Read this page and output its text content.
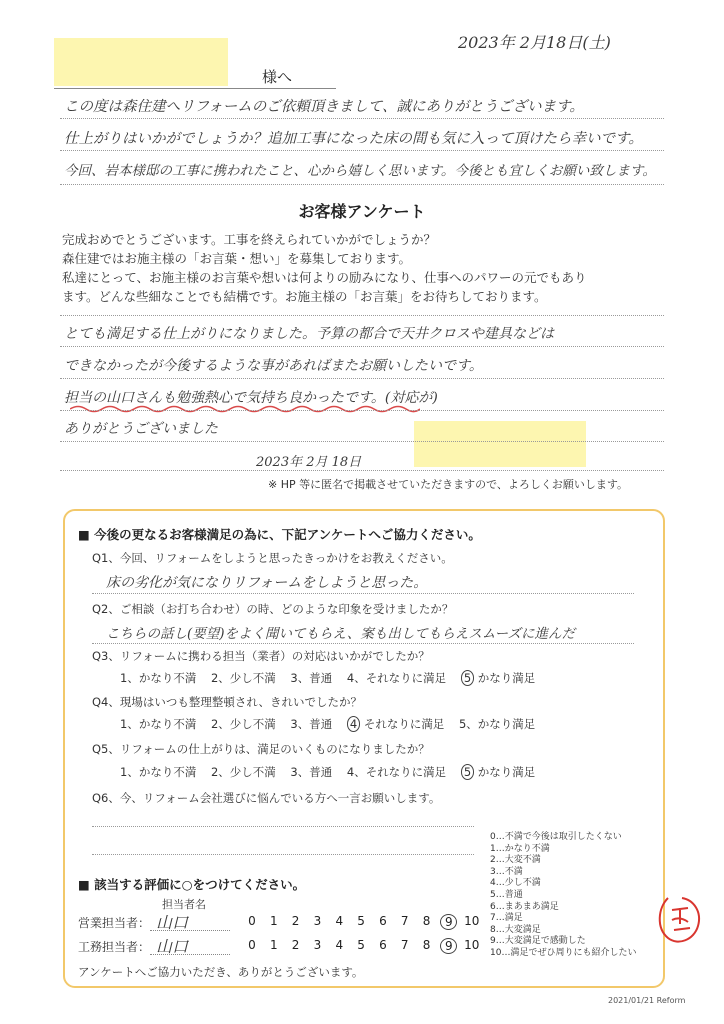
2023年 2月18日(土)
様へ
この度は森住建へリフォームのご依頼頂きまして、誠にありがとうございます。
仕上がりはいかがでしょうか？追加工事になった床の間も気に入って頂けたら幸いです。
今回、岩本様邸の工事に携われたこと、心から嬉しく思います。今後とも宜しくお願い致します。
お客様アンケート
完成おめでとうございます。工事を終えられていかがでしょうか？
森住建ではお施主様の「お言葉・想い」を募集しております。
私達にとって、お施主様のお言葉や想いは何よりの励みになり、仕事へのパワーの元でもあり
ます。どんな些細なことでも結構です。お施主様の「お言葉」をお待ちしております。
とても満足する仕上がりになりました。予算の都合で天井クロスや建具などは
できなかったが今後するような事があればまたお願いしたいです。
担当の山口さんも勉強熱心で気持ち良かったです。(対応が)
ありがとうございました
2023年 2月 18日
※ HP 等に匿名で掲載させていただきますので、よろしくお願いします。
■ 今後の更なるお客様満足の為に、下記アンケートへご協力ください。
Q1、今回、リフォームをしようと思ったきっかけをお教えください。
床の劣化が気になりリフォームをしようと思った。
Q2、ご相談（お打ち合わせ）の時、どのような印象を受けましたか？
こちらの話し(要望)をよく聞いてもらえ、案も出してもらえスムーズに進んだ
Q3、リフォームに携わる担当（業者）の対応はいかがでしたか？
1、かなり不満 2、少し不満 3、普通 4、それなりに満足 5 かなり満足
Q4、現場はいつも整理整頓され、きれいでしたか？
1、かなり不満 2、少し不満 3、普通 4 それなりに満足 5、かなり満足
Q5、リフォームの仕上がりは、満足のいくものになりましたか？
1、かなり不満 2、少し不満 3、普通 4、それなりに満足 5 かなり満足
Q6、今、リフォーム会社選びに悩んでいる方へ一言お願いします。
0…不満で今後は取引したくない
1…かなり不満
2…大変不満
3…不満
4…少し不満
5…普通
6…まあまあ満足
7…満足
8…大変満足
9…大変満足で感動した
10…満足でぜひ周りにも紹介したい
■ 該当する評価に○をつけてください。
担当者名
営業担当者： 山口	0 1 2 3 4 5 6 7 8	9 10
工務担当者： 山口	0 1 2 3 4 5 6 7 8	9 10
アンケートへご協力いただき、ありがとうございます。
2021/01/21 Reform
